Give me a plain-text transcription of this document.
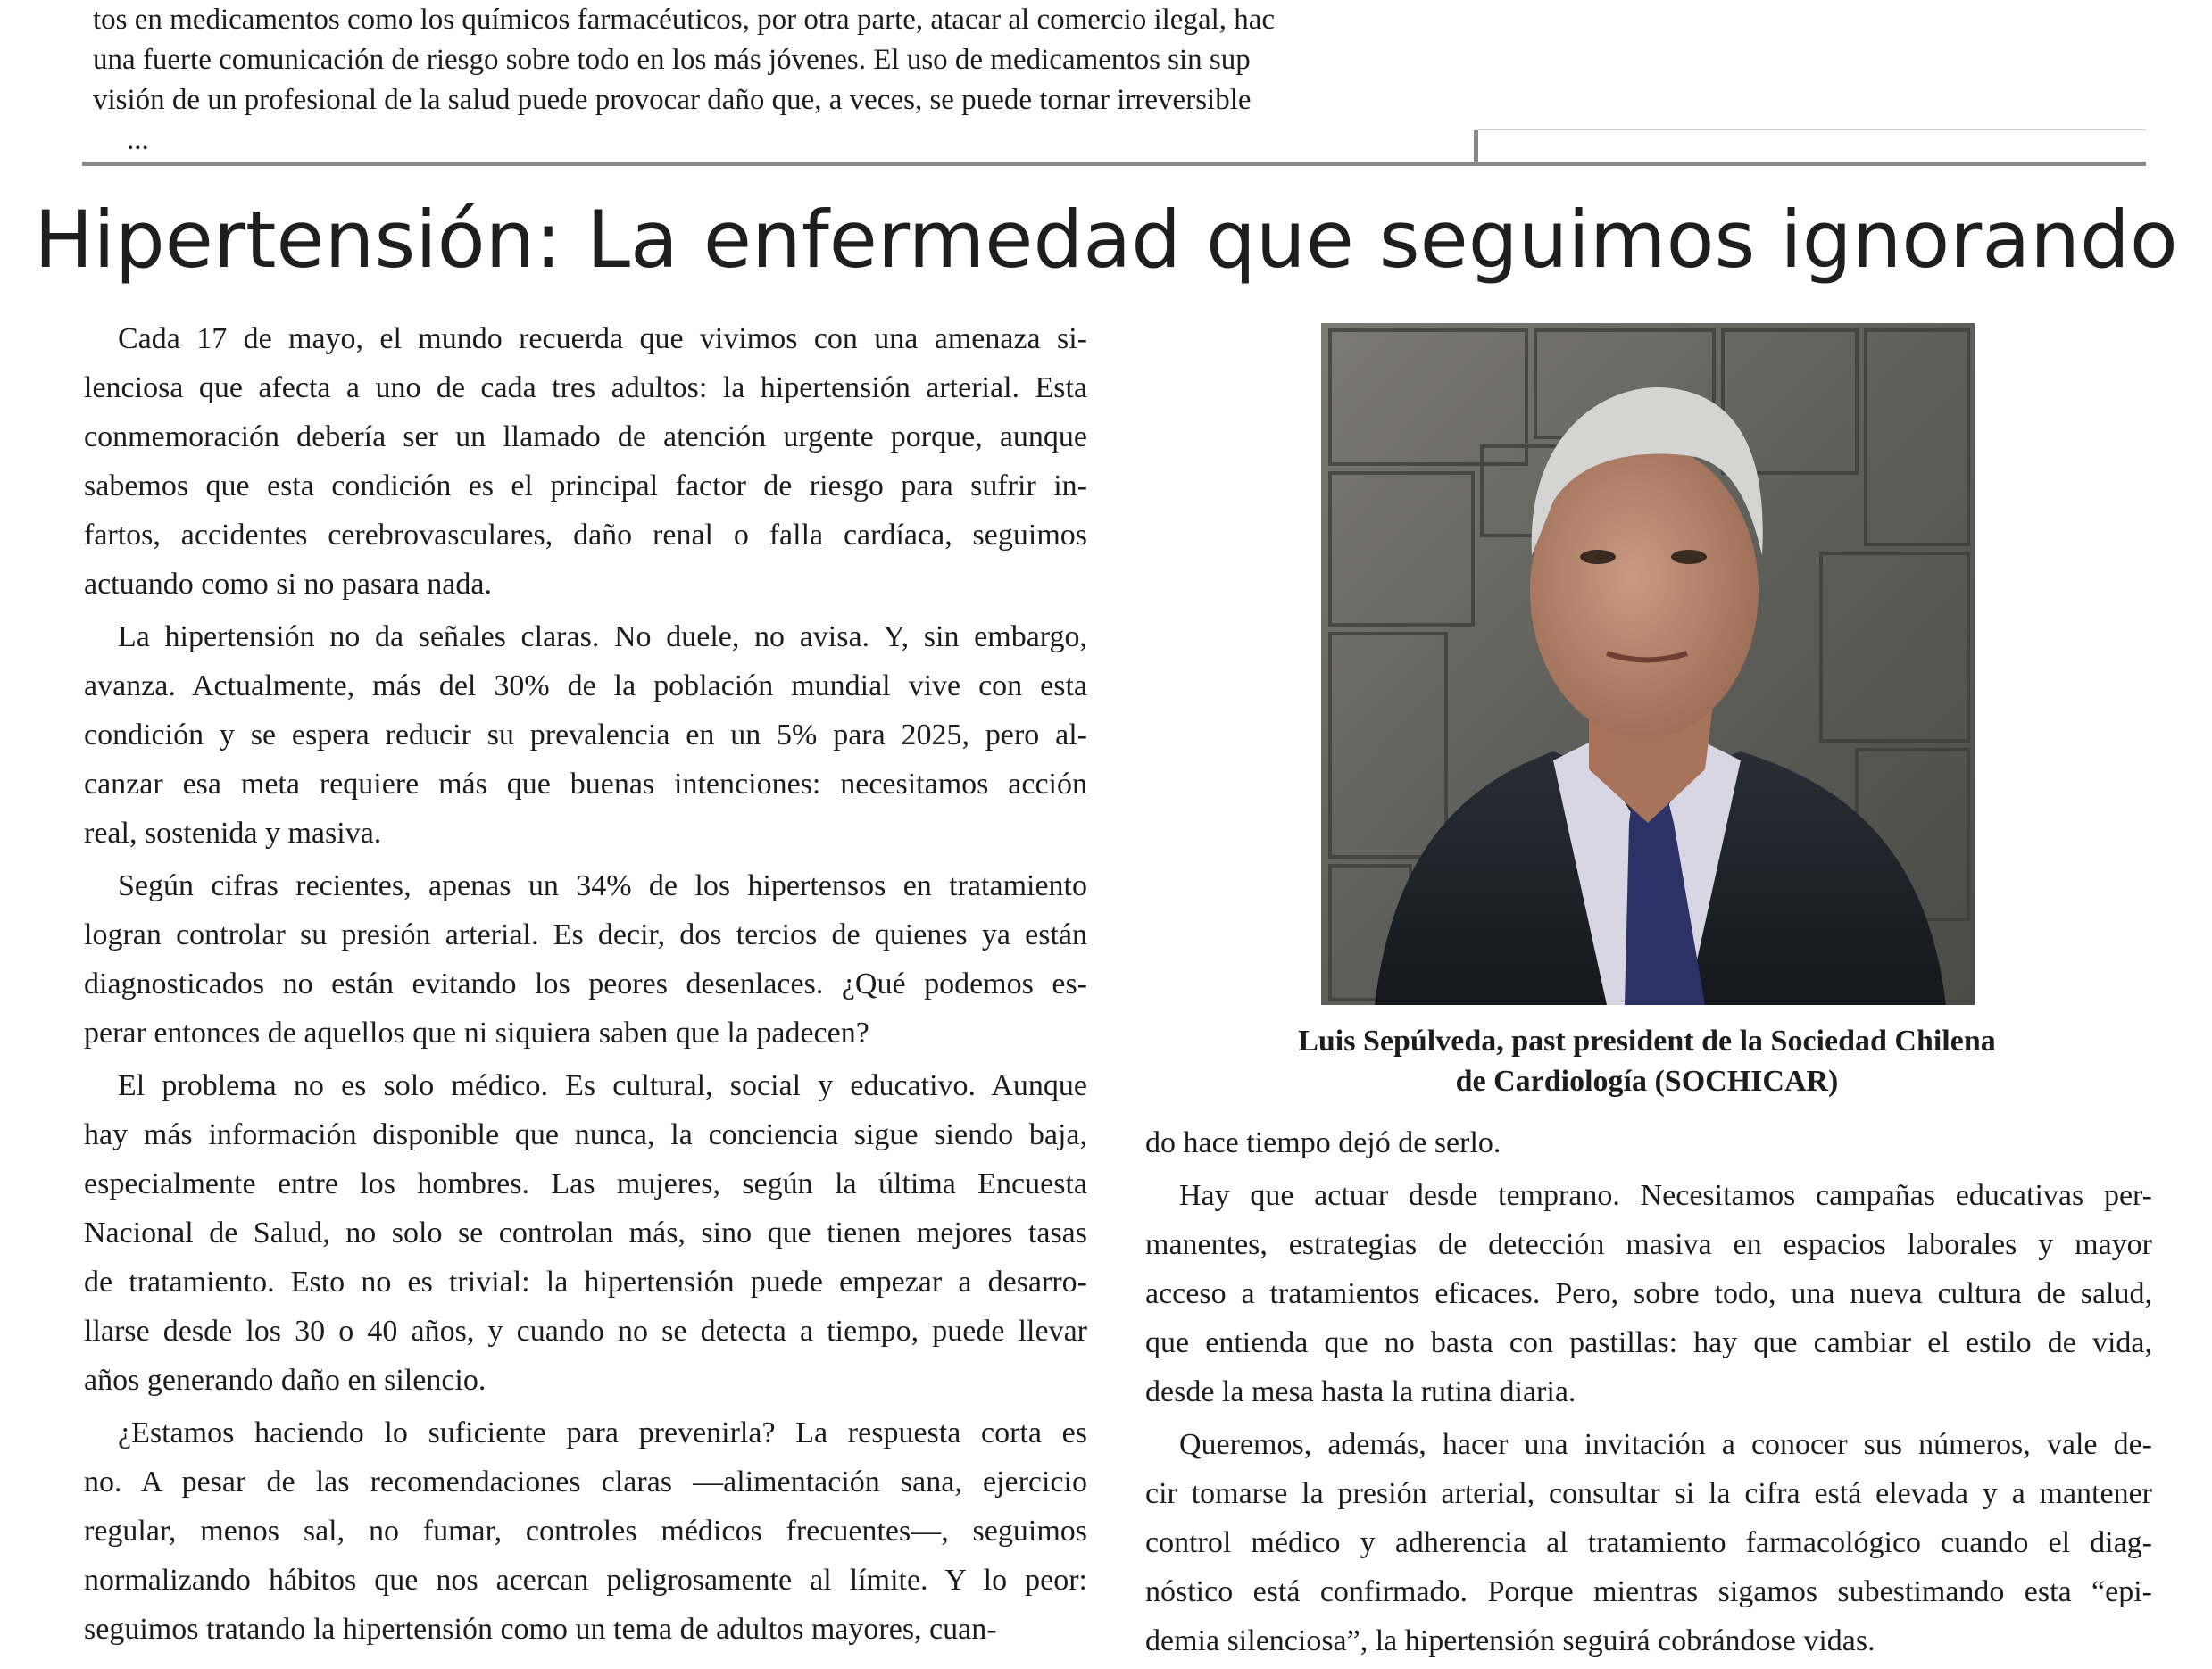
tos en medicamentos como los químicos farmacéuticos, por otra parte, atacar al comercio ilegal, hac
una fuerte comunicación de riesgo sobre todo en los más jóvenes. El uso de medicamentos sin sup
visión de un profesional de la salud puede provocar daño que, a veces, se puede tornar irreversible
...
Hipertensión: La enfermedad que seguimos ignorando

Cada 17 de mayo, el mundo recuerda que vivimos con una amenaza si-
lenciosa que afecta a uno de cada tres adultos: la hipertensión arterial. Esta
conmemoración debería ser un llamado de atención urgente porque, aunque
sabemos que esta condición es el principal factor de riesgo para sufrir in-
fartos, accidentes cerebrovasculares, daño renal o falla cardíaca, seguimos
actuando como si no pasara nada.

La hipertensión no da señales claras. No duele, no avisa. Y, sin embargo,
avanza. Actualmente, más del 30% de la población mundial vive con esta
condición y se espera reducir su prevalencia en un 5% para 2025, pero al-
canzar esa meta requiere más que buenas intenciones: necesitamos acción
real, sostenida y masiva.

Según cifras recientes, apenas un 34% de los hipertensos en tratamiento
logran controlar su presión arterial. Es decir, dos tercios de quienes ya están
diagnosticados no están evitando los peores desenlaces. ¿Qué podemos es-
perar entonces de aquellos que ni siquiera saben que la padecen?

El problema no es solo médico. Es cultural, social y educativo. Aunque
hay más información disponible que nunca, la conciencia sigue siendo baja,
especialmente entre los hombres. Las mujeres, según la última Encuesta
Nacional de Salud, no solo se controlan más, sino que tienen mejores tasas
de tratamiento. Esto no es trivial: la hipertensión puede empezar a desarro-
llarse desde los 30 o 40 años, y cuando no se detecta a tiempo, puede llevar
años generando daño en silencio.

¿Estamos haciendo lo suficiente para prevenirla? La respuesta corta es
no. A pesar de las recomendaciones claras —alimentación sana, ejercicio
regular, menos sal, no fumar, controles médicos frecuentes—, seguimos
normalizando hábitos que nos acercan peligrosamente al límite. Y lo peor:
seguimos tratando la hipertensión como un tema de adultos mayores, cuan-

Luis Sepúlveda, past president de la Sociedad Chilena
de Cardiología (SOCHICAR)

do hace tiempo dejó de serlo.

Hay que actuar desde temprano. Necesitamos campañas educativas per-
manentes, estrategias de detección masiva en espacios laborales y mayor
acceso a tratamientos eficaces. Pero, sobre todo, una nueva cultura de salud,
que entienda que no basta con pastillas: hay que cambiar el estilo de vida,
desde la mesa hasta la rutina diaria.

Queremos, además, hacer una invitación a conocer sus números, vale de-
cir tomarse la presión arterial, consultar si la cifra está elevada y a mantener
control médico y adherencia al tratamiento farmacológico cuando el diag-
nóstico está confirmado. Porque mientras sigamos subestimando esta “epi-
demia silenciosa”, la hipertensión seguirá cobrándose vidas.
